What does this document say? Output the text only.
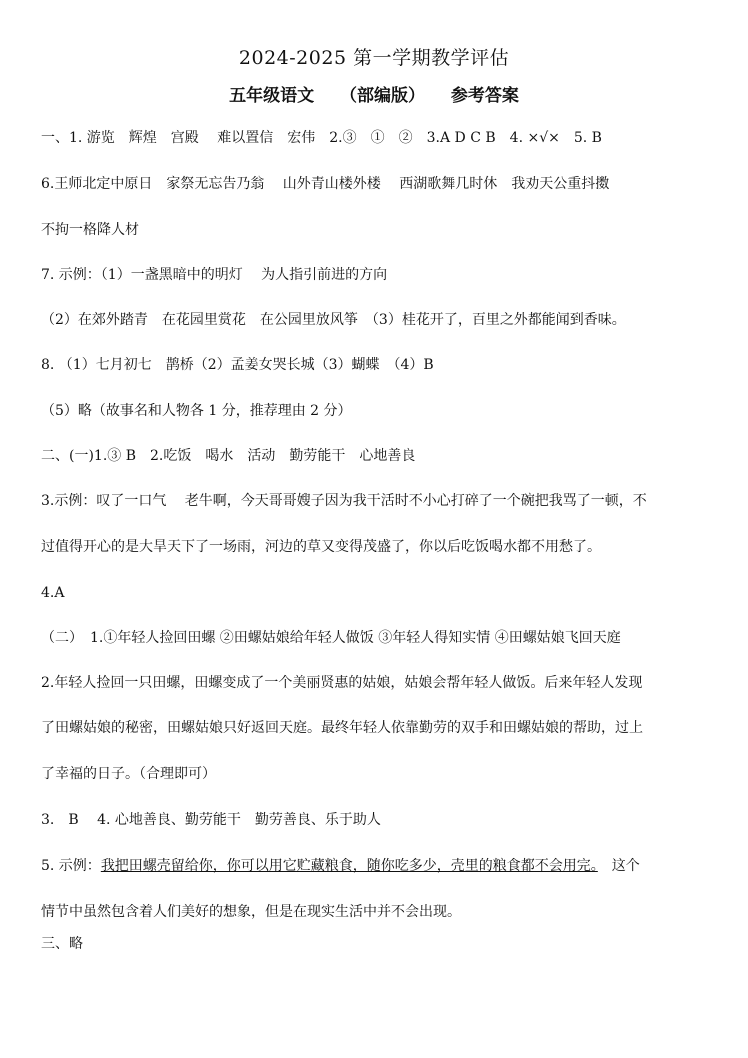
2024-2025 第一学期教学评估
五年级语文 （部编版） 参考答案
一、1. 游览　辉煌　宫殿　 难以置信　宏伟　2.③　①　②　3.A D C B　4. ×√×　5. B
6.王师北定中原日　家祭无忘告乃翁　 山外青山楼外楼　 西湖歌舞几时休　我劝天公重抖擞
不拘一格降人材
7. 示例：（1）一盏黑暗中的明灯　 为人指引前进的方向
（2）在郊外踏青　在花园里赏花　在公园里放风筝　（3）桂花开了，百里之外都能闻到香味。
8. （1）七月初七　鹊桥（2）孟姜女哭长城（3）蝴蝶　（4）B
（5）略（故事名和人物各 1 分，推荐理由 2 分）
二、(一)1.③ B　2.吃饭　喝水　活动　勤劳能干　心地善良
3.示例：叹了一口气　 老牛啊，今天哥哥嫂子因为我干活时不小心打碎了一个碗把我骂了一顿，不
过值得开心的是大旱天下了一场雨，河边的草又变得茂盛了，你以后吃饭喝水都不用愁了。
4.A
（二）　1.①年轻人捡回田螺 ②田螺姑娘给年轻人做饭 ③年轻人得知实情 ④田螺姑娘飞回天庭
2.年轻人捡回一只田螺，田螺变成了一个美丽贤惠的姑娘，姑娘会帮年轻人做饭。后来年轻人发现
了田螺姑娘的秘密，田螺姑娘只好返回天庭。最终年轻人依靠勤劳的双手和田螺姑娘的帮助，过上
了幸福的日子。（合理即可）
3.　B　 4. 心地善良、勤劳能干　勤劳善良、乐于助人
5. 示例：我把田螺壳留给你，你可以用它贮藏粮食，随你吃多少，壳里的粮食都不会用完。　这个
情节中虽然包含着人们美好的想象，但是在现实生活中并不会出现。
三、略
